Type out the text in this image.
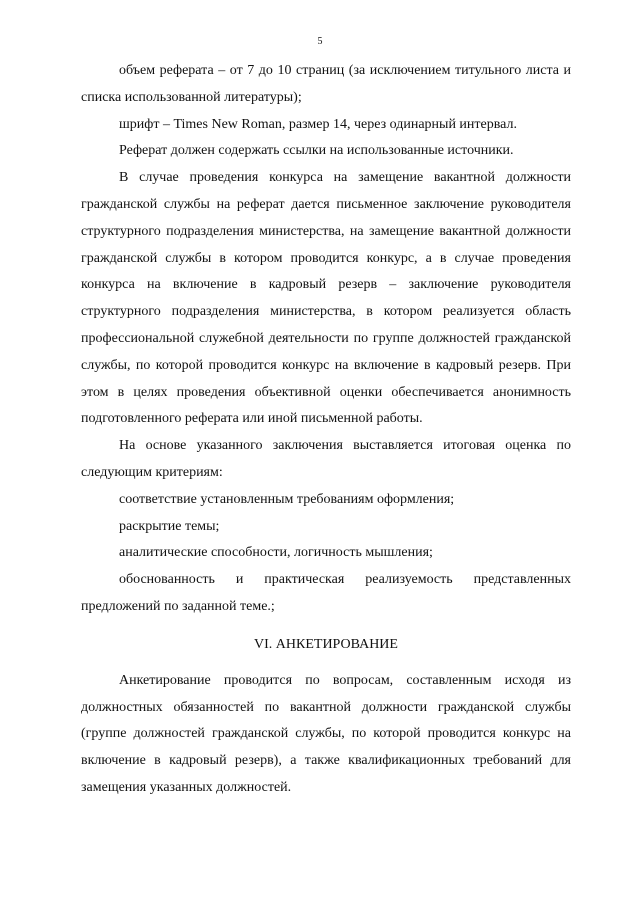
5

объем реферата – от 7 до 10 страниц (за исключением титульного листа и списка использованной литературы);

шрифт – Times New Roman, размер 14, через одинарный интервал.

Реферат должен содержать ссылки на использованные источники.

В случае проведения конкурса на замещение вакантной должности гражданской службы на реферат дается письменное заключение руководителя структурного подразделения министерства, на замещение вакантной должности гражданской службы в котором проводится конкурс, а в случае проведения конкурса на включение в кадровый резерв – заключение руководителя структурного подразделения министерства, в котором реализуется область профессиональной служебной деятельности по группе должностей гражданской службы, по которой проводится конкурс на включение в кадровый резерв. При этом в целях проведения объективной оценки обеспечивается анонимность подготовленного реферата или иной письменной работы.

На основе указанного заключения выставляется итоговая оценка по следующим критериям:

соответствие установленным требованиям оформления;

раскрытие темы;

аналитические способности, логичность мышления;

обоснованность и практическая реализуемость представленных предложений по заданной теме.;

VI. АНКЕТИРОВАНИЕ

Анкетирование проводится по вопросам, составленным исходя из должностных обязанностей по вакантной должности гражданской службы (группе должностей гражданской службы, по которой проводится конкурс на включение в кадровый резерв), а также квалификационных требований для замещения указанных должностей.
